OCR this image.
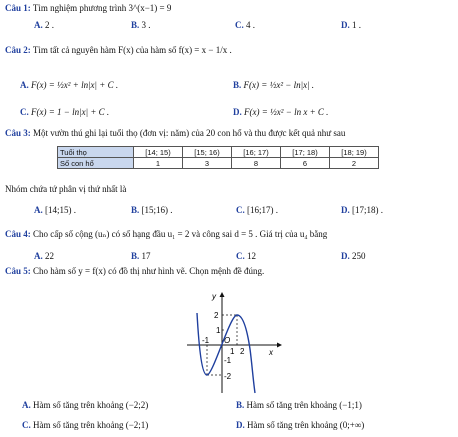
Câu 1: Tìm nghiệm phương trình 3^(x−1) = 9
A. 2 .	B. 3 .	C. 4 .	D. 1 .
Câu 2: Tìm tất cả nguyên hàm F(x) của hàm số f(x) = x − 1/x .
A. F(x) = ½x² + ln|x| + C .	B. F(x) = ½x² − ln|x| .
C. F(x) = 1 − ln|x| + C .	D. F(x) = ½x² − ln x + C .
Câu 3: Một vườn thú ghi lại tuổi thọ (đơn vị: năm) của 20 con hổ và thu được kết quả như sau
Tuổi thọ	[14; 15)	[15; 16)	[16; 17)	[17; 18)	[18; 19)
Số con hổ	1	3	8	6	2
Nhóm chứa tứ phân vị thứ nhất là
A. [14;15) .	B. [15;16) .	C. [16;17) .	D. [17;18) .
Câu 4: Cho cấp số cộng (uₙ) có số hạng đầu u₁ = 2 và công sai d = 5 . Giá trị của u₄ bằng
A. 22	B. 17	C. 12	D. 250
Câu 5: Cho hàm số y = f(x) có đồ thị như hình vẽ. Chọn mệnh đề đúng.
y
x
O
2
1
-1
-2
-1
1 2
A. Hàm số tăng trên khoảng (−2;2)	B. Hàm số tăng trên khoảng (−1;1)
C. Hàm số tăng trên khoảng (−2;1)	D. Hàm số tăng trên khoảng (0;+∞)
